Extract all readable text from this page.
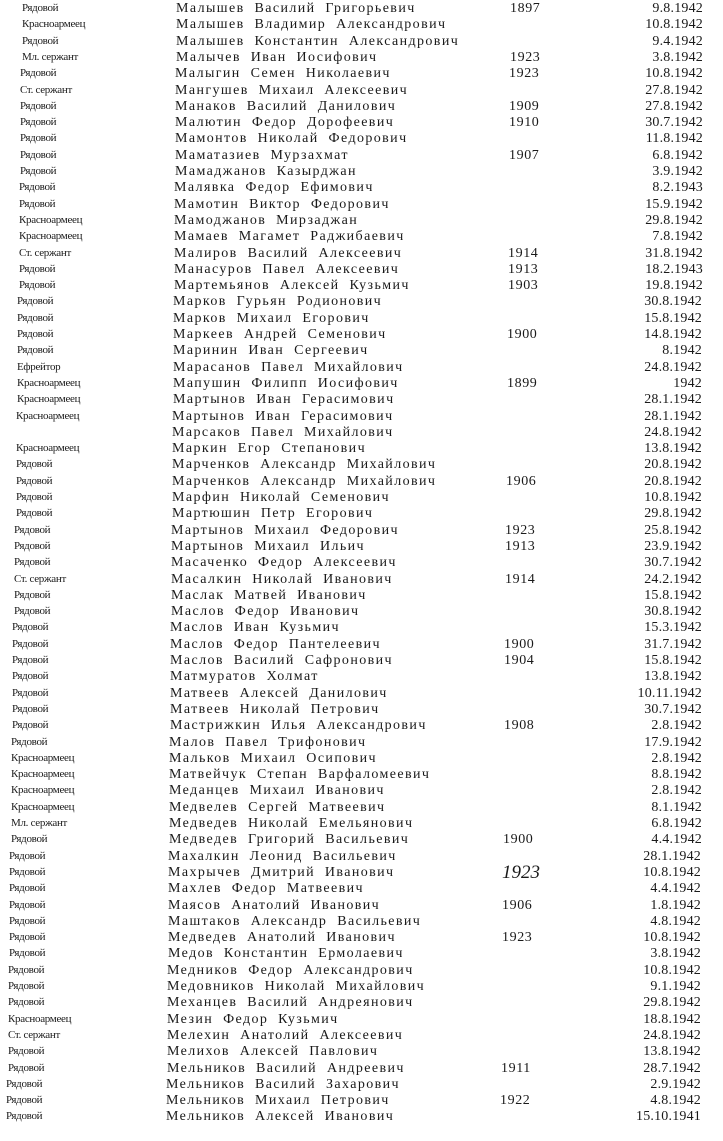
Рядовой	Малышев Василий Григорьевич	1897	9.8.1942
Красноармеец	Малышев Владимир Александрович	10.8.1942
Рядовой	Малышев Константин Александрович	9.4.1942
Мл. сержант	Малычев Иван Иосифович	1923	3.8.1942
Рядовой	Малыгин Семен Николаевич	1923	10.8.1942
Ст. сержант	Мангушев Михаил Алексеевич	27.8.1942
Рядовой	Манаков Василий Данилович	1909	27.8.1942
Рядовой	Малютин Федор Дорофеевич	1910	30.7.1942
Рядовой	Мамонтов Николай Федорович	11.8.1942
Рядовой	Маматазиев Мурзахмат	1907	6.8.1942
Рядовой	Мамаджанов Казырджан	3.9.1942
Рядовой	Малявка Федор Ефимович	8.2.1943
Рядовой	Мамотин Виктор Федорович	15.9.1942
Красноармеец	Мамоджанов Мирзаджан	29.8.1942
Красноармеец	Мамаев Магамет Раджибаевич	7.8.1942
Ст. сержант	Малиров Василий Алексеевич	1914	31.8.1942
Рядовой	Манасуров Павел Алексеевич	1913	18.2.1943
Рядовой	Мартемьянов Алексей Кузьмич	1903	19.8.1942
Рядовой	Марков Гурьян Родионович	30.8.1942
Рядовой	Марков Михаил Егорович	15.8.1942
Рядовой	Маркеев Андрей Семенович	1900	14.8.1942
Рядовой	Маринин Иван Сергеевич	8.1942
Ефрейтор	Марасанов Павел Михайлович	24.8.1942
Красноармеец	Мапушин Филипп Иосифович	1899	1942
Красноармеец	Мартынов Иван Герасимович	28.1.1942
Красноармеец	Мартынов Иван Герасимович	28.1.1942
Марсаков Павел Михайлович	24.8.1942
Красноармеец	Маркин Егор Степанович	13.8.1942
Рядовой	Марченков Александр Михайлович	20.8.1942
Рядовой	Марченков Александр Михайлович	1906	20.8.1942
Рядовой	Марфин Николай Семенович	10.8.1942
Рядовой	Мартюшин Петр Егорович	29.8.1942
Рядовой	Мартынов Михаил Федорович	1923	25.8.1942
Рядовой	Мартынов Михаил Ильич	1913	23.9.1942
Рядовой	Масаченко Федор Алексеевич	30.7.1942
Ст. сержант	Масалкин Николай Иванович	1914	24.2.1942
Рядовой	Маслак Матвей Иванович	15.8.1942
Рядовой	Маслов Федор Иванович	30.8.1942
Рядовой	Маслов Иван Кузьмич	15.3.1942
Рядовой	Маслов Федор Пантелеевич	1900	31.7.1942
Рядовой	Маслов Василий Сафронович	1904	15.8.1942
Рядовой	Матмуратов Холмат	13.8.1942
Рядовой	Матвеев Алексей Данилович	10.11.1942
Рядовой	Матвеев Николай Петрович	30.7.1942
Рядовой	Мастрижкин Илья Александрович	1908	2.8.1942
Рядовой	Малов Павел Трифонович	17.9.1942
Красноармеец	Мальков Михаил Осипович	2.8.1942
Красноармеец	Матвейчук Степан Варфаломеевич	8.8.1942
Красноармеец	Меданцев Михаил Иванович	2.8.1942
Красноармеец	Медвелев Сергей Матвеевич	8.1.1942
Мл. сержант	Медведев Николай Емельянович	6.8.1942
Рядовой	Медведев Григорий Васильевич	1900	4.4.1942
Рядовой	Махалкин Леонид Васильевич	28.1.1942
Рядовой	Махрычев Дмитрий Иванович	1923	10.8.1942
Рядовой	Махлев Федор Матвеевич	4.4.1942
Рядовой	Маясов Анатолий Иванович	1906	1.8.1942
Рядовой	Маштаков Александр Васильевич	4.8.1942
Рядовой	Медведев Анатолий Иванович	1923	10.8.1942
Рядовой	Медов Константин Ермолаевич	3.8.1942
Рядовой	Медников Федор Александрович	10.8.1942
Рядовой	Медовников Николай Михайлович	9.1.1942
Рядовой	Механцев Василий Андреянович	29.8.1942
Красноармеец	Мезин Федор Кузьмич	18.8.1942
Ст. сержант	Мелехин Анатолий Алексеевич	24.8.1942
Рядовой	Мелихов Алексей Павлович	13.8.1942
Рядовой	Мельников Василий Андреевич	1911	28.7.1942
Рядовой	Мельников Василий Захарович	2.9.1942
Рядовой	Мельников Михаил Петрович	1922	4.8.1942
Рядовой	Мельников Алексей Иванович	15.10.1941
